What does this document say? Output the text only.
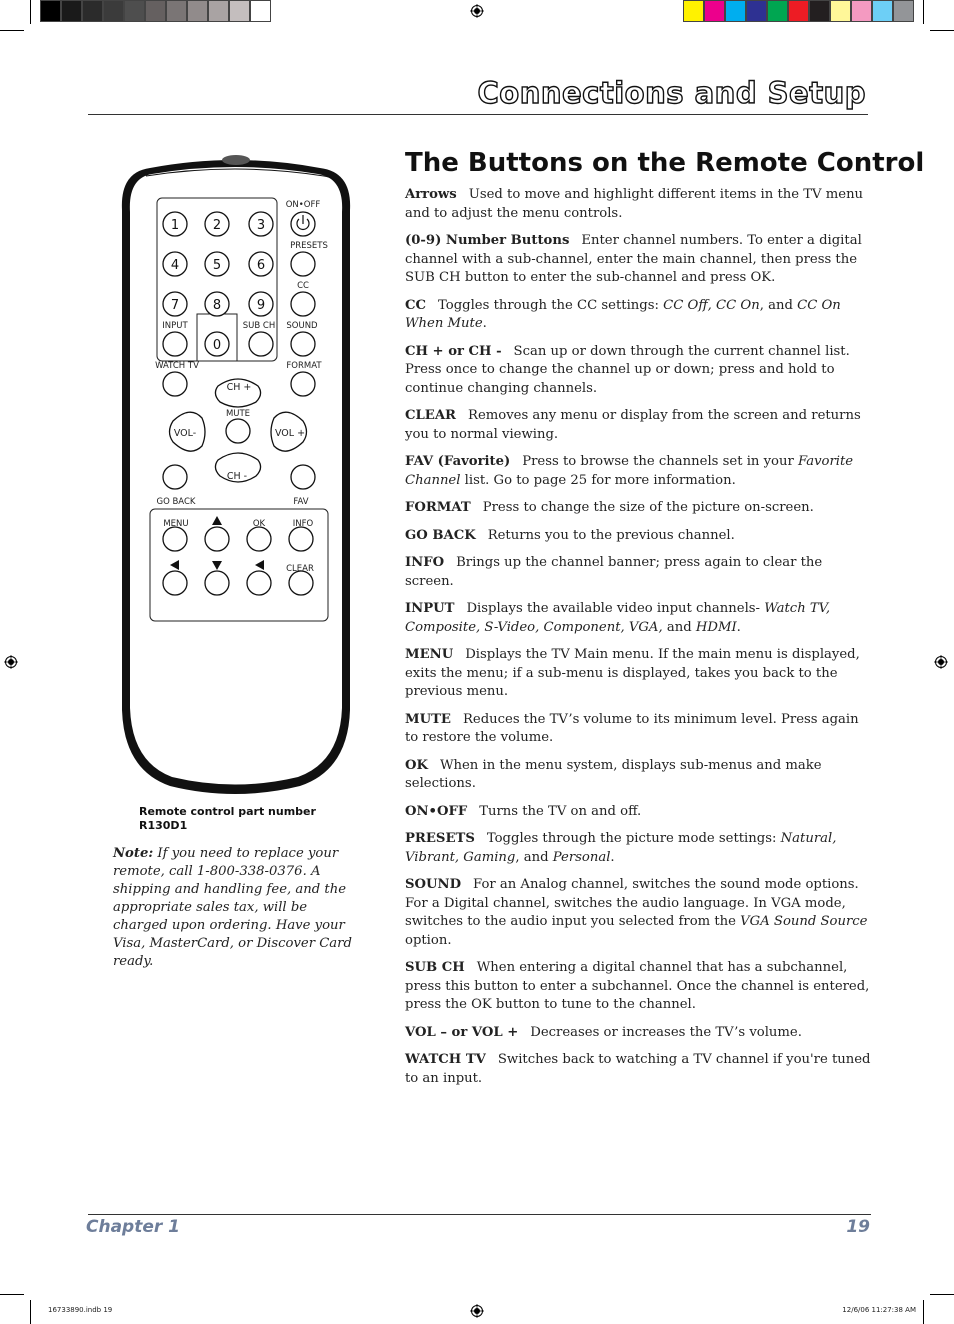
Connections and Setup
1	2	3
4	5	6
7	8	9
0
ON•OFF
PRESETS
CC
INPUT	SUB CH SOUND
WATCH TV	FORMAT
CH +
MUTE
VOL-	VOL +
CH -
GO BACK	FAV
MENU	OK	INFO
CLEAR
Remote control part number
R130D1
Note: If you need to replace your remote, call 1-800-338-0376. A shipping and handling fee, and the appropriate sales tax, will be charged upon ordering. Have your Visa, MasterCard, or Discover Card ready.
The Buttons on the Remote Control

Arrows Used to move and highlight different items in the TV menu and to adjust the menu controls.

(0-9) Number Buttons Enter channel numbers. To enter a digital channel with a sub-channel, enter the main channel, then press the SUB CH button to enter the sub-channel and press OK.

CC Toggles through the CC settings: CC Off, CC On, and CC On When Mute.

CH + or CH - Scan up or down through the current channel list. Press once to change the channel up or down; press and hold to continue changing channels.

CLEAR Removes any menu or display from the screen and returns you to normal viewing.

FAV (Favorite) Press to browse the channels set in your Favorite Channel list. Go to page 25 for more information.

FORMAT Press to change the size of the picture on-screen.

GO BACK Returns you to the previous channel.

INFO Brings up the channel banner; press again to clear the screen.

INPUT Displays the available video input channels- Watch TV, Composite, S-Video, Component, VGA, and HDMI.

MENU Displays the TV Main menu. If the main menu is displayed, exits the menu; if a sub-menu is displayed, takes you back to the previous menu.

MUTE Reduces the TV’s volume to its minimum level. Press again to restore the volume.

OK When in the menu system, displays sub-menus and make selections.

ON•OFF Turns the TV on and off.

PRESETS Toggles through the picture mode settings: Natural, Vibrant, Gaming, and Personal.

SOUND For an Analog channel, switches the sound mode options. For a Digital channel, switches the audio language. In VGA mode, switches to the audio input you selected from the VGA Sound Source option.

SUB CH When entering a digital channel that has a subchannel, press this button to enter a subchannel. Once the channel is entered, press the OK button to tune to the channel.

VOL – or VOL + Decreases or increases the TV’s volume.

WATCH TV Switches back to watching a TV channel if you're tuned to an input.

Chapter 1	19
16733890.indb 19	12/6/06 11:27:38 AM
